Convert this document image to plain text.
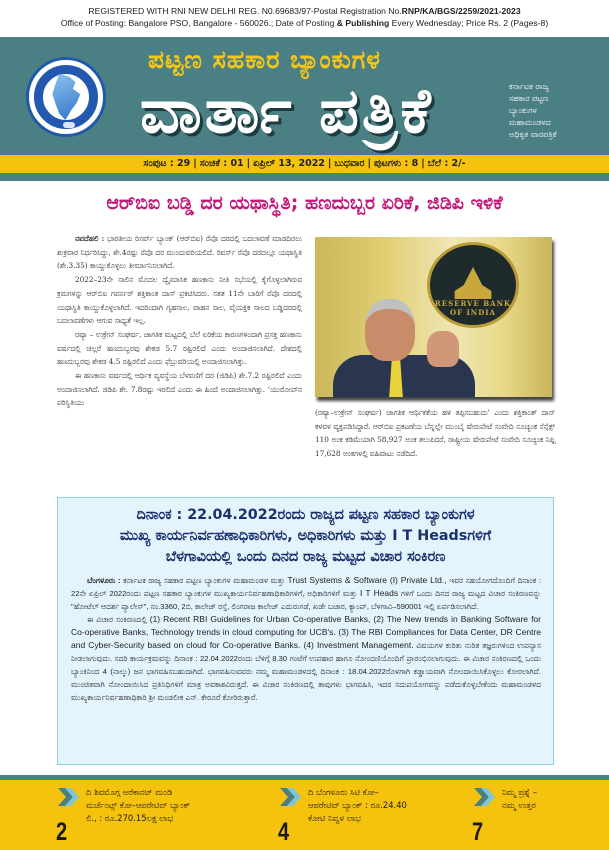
REGISTERED WITH RNI NEW DELHI REG. N0.69683/97-Postal Registration No.RNP/KA/BGS/2259/2021-2023
Office of Posting: Bangalore PSO, Bangalore - 560026.; Date of Posting & Publishing Every Wednesday; Price Rs. 2 (Pages-8)
ಪಟ್ಟಣ ಸಹಕಾರ ಬ್ಯಾಂಕುಗಳ
ವಾರ್ತಾ ಪತ್ರಿಕೆ	ಕರ್ನಾಟಕ ರಾಜ್ಯ
ಸಹಕಾರ ಪಟ್ಟಣ
ಬ್ಯಾಂಕುಗಳ
ಮಹಾಮಂಡಳದ
ಅಧಿಕೃತ ವಾರಪತ್ರಿಕೆ
ಸಂಪುಟ : 29 | ಸಂಚಿಕೆ : 01 | ಏಪ್ರಿಲ್ 13, 2022 | ಬುಧವಾರ | ಪುಟಗಳು : 8 | ಬೆಲೆ : 2/-
ಆರ್‌ಬಿಐ ಬಡ್ಡಿ ದರ ಯಥಾಸ್ಥಿತಿ; ಹಣದುಬ್ಬರ ಏರಿಕೆ, ಜಿಡಿಪಿ ಇಳಿಕೆ

ನವದೆಹಲಿ : ಭಾರತೀಯ ರಿಸರ್ವ್ ಬ್ಯಾಂಕ್ (ಆರ್‌ಬಿಐ) ರೆಪೊ ದರದಲ್ಲಿ ಬದಲಾವಣೆ ಮಾಡದಿರಲು ಶುಕ್ರವಾರ ನಿರ್ಧರಿಸಿದ್ದು, ಶೇ.4ರಷ್ಟು ರೆಪೊ ದರ ಮುಂದುವರಿಯಲಿದೆ. ರಿವರ್ಸ್ ರೆಪೊ ದರದಲ್ಲೂ ಯಥಾಸ್ಥಿತಿ (ಶೇ.3.35) ಕಾಯ್ದುಕೊಳ್ಳಲು ತೀರ್ಮಾನಿಸಲಾಗಿದೆ.

2022–23ನೇ ಸಾಲಿನ ಮೊದಲ ದ್ವೈಮಾಸಿಕ ಹಣಕಾಸು ನೀತಿ ಸಭೆಯಲ್ಲಿ ಕೈಗೊಳ್ಳಲಾಗಿರುವ ಕ್ರಮಗಳನ್ನು ಆರ್‌ಬಿಐ ಗವರ್ನರ್ ಶಕ್ತಿಕಾಂತ ದಾಸ್ ಪ್ರಕಟಿಸಿದರು. ಸತತ 11ನೇ ಬಾರಿಗೆ ರೆಪೊ ದರದಲ್ಲಿ ಯಥಾಸ್ಥಿತಿ ಕಾಯ್ದುಕೊಳ್ಳಲಾಗಿದೆ. ಇದರಿಂದಾಗಿ ಗೃಹಸಾಲ, ವಾಹನ ಸಾಲ, ವೈಯಕ್ತಿಕ ಸಾಲದ ಬಡ್ಡಿದರದಲ್ಲಿ ಬದಲಾವಣೆಗಳು ಆಗುವ ಸಾಧ್ಯತೆ ಇಲ್ಲ.

ರಷ್ಯಾ – ಉಕ್ರೇನ್ ಸಂಘರ್ಷ, ಜಾಗತಿಕ ಮಟ್ಟದಲ್ಲಿ ಬೆಲೆ ಏರಿಕೆಯ ಕಾರಣಗಳಿಂದಾಗಿ ಪ್ರಸಕ್ತ ಹಣಕಾಸು ವರ್ಷದಲ್ಲಿ ಚಿಲ್ಲರೆ ಹಣದುಬ್ಬರವು ಶೇಕಡ 5.7 ರಷ್ಟಿರಲಿದೆ ಎಂದು ಅಂದಾಜಿಸಲಾಗಿದೆ. ದೇಶದಲ್ಲಿ ಹಣದುಬ್ಬರವು ಶೇಕಡ 4.5 ರಷ್ಟಿರಲಿದೆ ಎಂದು ಫೆಬ್ರುವರಿಯಲ್ಲಿ ಅಂದಾಜಿಸಲಾಗಿತ್ತು.

ಈ ಹಣಕಾಸು ವರ್ಷದಲ್ಲಿ ಆರ್ಥಿಕ ವ್ಯವಸ್ಥೆಯ ಬೆಳವಣಿಗೆ ದರ (ಜಿಡಿಪಿ) ಶೇ.7.2 ರಷ್ಟಿರಲಿದೆ ಎಂದು ಅಂದಾಜಿಸಲಾಗಿದೆ. ಜಿಡಿಪಿ ಶೇ. 7.8ರಷ್ಟು ಇರಲಿದೆ ಎಂದು ಈ ಹಿಂದೆ ಅಂದಾಜಿಸಲಾಗಿತ್ತು. 'ಯುರೋಪ್‌ನ ಪರಿಸ್ಥಿತಿಯು

RESERVE BANK OF INDIA
(ರಷ್ಯಾ–ಉಕ್ರೇನ್ ಸಂಘರ್ಷ) ಜಾಗತಿಕ ಆರ್ಥಿಕತೆಯ ಹಳಿ ತಪ್ಪಿಸಬಹುದು' ಎಂದು ಶಕ್ತಿಕಾಂತ್ ದಾಸ್ ಕಳವಳ ವ್ಯಕ್ತಪಡಿಸಿದ್ದಾರೆ. ಆರ್‌ಬಿಐ ಪ್ರಕಟಣೆಯ ಬೆನ್ನಲ್ಲೇ ಮುಂಬೈ ಷೇರುಪೇಟೆ ಸಂವೇದಿ ಸೂಚ್ಯಂಕ ಸೆನ್ಸೆಕ್ಸ್ 110 ಅಂಕ ಕಡಿಮೆಯಾಗಿ 58,927 ಅಂಕ ತಲುಪಿದರೆ, ರಾಷ್ಟ್ರೀಯ ಷೇರುಪೇಟೆ ಸಂವೇದಿ ಸೂಚ್ಯಂಕ ನಿಫ್ಟಿ 17,628 ಅಂಕಗಳಲ್ಲಿ ವಹಿವಾಟು ನಡೆದಿದೆ.
ದಿನಾಂಕ : 22.04.2022ರಂದು ರಾಜ್ಯದ ಪಟ್ಟಣ ಸಹಕಾರ ಬ್ಯಾಂಕುಗಳ
ಮುಖ್ಯ ಕಾರ್ಯನಿರ್ವಹಣಾಧಿಕಾರಿಗಳು, ಅಧಿಕಾರಿಗಳು ಮತ್ತು I T Headsಗಳಿಗೆ
ಬೆಳಗಾವಿಯಲ್ಲಿ ಒಂದು ದಿನದ ರಾಜ್ಯ ಮಟ್ಟದ ವಿಚಾರ ಸಂಕಿರಣ

ಬೆಂಗಳೂರು : ಕರ್ನಾಟಕ ರಾಜ್ಯ ಸಹಕಾರ ಪಟ್ಟಣ ಬ್ಯಾಂಕುಗಳ ಮಹಾಮಂಡಳ ಮತ್ತು Trust Systems & Software (I) Private Ltd., ಇವರ ಸಹಯೋಗದೊಂದಿಗೆ ದಿನಾಂಕ : 22ನೇ ಏಪ್ರಿಲ್ 2022ರಂದು ಪಟ್ಟಣ ಸಹಕಾರ ಬ್ಯಾಂಕುಗಳ ಮುಖ್ಯಕಾರ್ಯನಿರ್ವಹಣಾಧಿಕಾರಿಗಳಿಗೆ, ಅಧಿಕಾರಿಗಳಿಗೆ ಮತ್ತು I T Heads ಗಳಿಗೆ ಒಂದು ದಿನದ ರಾಜ್ಯ ಮಟ್ಟದ ವಿಚಾರ ಸಂಕಿರಣವನ್ನು "ಹೋಟೆಲ್ ಆದರ್ಶ ಪ್ಯಾಲೇಸ್", ನಂ.3360, 2ಬಿ, ಕಾಲೇಜ್ ರಸ್ತೆ, ಲಿಂಗರಾಜ ಕಾಲೇಜ್ ಎದುರುಗಡೆ, ಖಡೇ ಬಜಾರ, ಕ್ಯಾಂಪ್, ಬೆಳಗಾವಿ–590001 ಇಲ್ಲಿ ಏರ್ಪಡಿಸಲಾಗಿದೆ.

ಈ ವಿಚಾರ ಸಂಕಿರಣದಲ್ಲಿ (1) Recent RBI Guidelines for Urban Co-operative Banks, (2) The New trends in Banking Software for Co-operative Banks, Technology trends in cloud computing for UCB's. (3) The RBI Compliances for Data Center, DR Centre and Cyber-Security based on cloud for Co-operative Banks. (4) Investment Management. ವಿಷಯಗಳ ಕುರಿತು ನುರಿತ ತಜ್ಞರುಗಳಿಂದ ಉಪನ್ಯಾಸ ನೀಡಲಾಗುವುದು. ಸದರಿ ಕಾರ್ಯಕ್ರಮವನ್ನು ದಿನಾಂಕ : 22.04.2022ರಂದು ಬೆಳಿಗ್ಗೆ 8.30 ಗಂಟೆಗೆ ಉಪಹಾರ ಹಾಗೂ ನೋಂದಣಿಯೊಂದಿಗೆ ಪ್ರಾರಂಭಿಸಲಾಗುವುದು. ಈ ವಿಚಾರ ಸಂಕಿರಣದಲ್ಲಿ ಒಂದು ಬ್ಯಾಂಕಿನಿಂದ 4 (ನಾಲ್ಕು) ಜನ ಭಾಗವಹಿಸಬಹುದಾಗಿದೆ. ಭಾಗವಹಿಸುವವರು ನಮ್ಮ ಮಹಾಮಂಡಳದಲ್ಲಿ ದಿನಾಂಕ : 18.04.2022ರೊಳಗಾಗಿ ಕಡ್ಡಾಯವಾಗಿ ನೋಂದಾಯಿಸಿಕೊಳ್ಳಲು ಕೋರಲಾಗಿದೆ. ಮುಂಚಿತವಾಗಿ ನೋಂದಾಯಿಸಿದ ಪ್ರತಿನಿಧಿಗಳಿಗೆ ಮಾತ್ರ ಅವಕಾಶವಿರುತ್ತದೆ. ಈ ವಿಚಾರ ಸಂಕಿರಣದಲ್ಲಿ ತಾವುಗಳು ಭಾಗವಹಿಸಿ, ಇದರ ಸದುಪಯೋಗವನ್ನು ಪಡೆದುಕೊಳ್ಳಬೇಕೆಂದು ಮಹಾಮಂಡಳದ ಮುಖ್ಯಕಾರ್ಯನಿರ್ವಹಣಾಧಿಕಾರಿ ಶ್ರೀ ಮಂಡಲೀಕ ಎನ್. ಕೇರೂರೆ ಕೋರಿರುತ್ತಾರೆ.

2
ದಿ ಶಿವಮೊಗ್ಗ ಅರೆಕಾನಟ್ ಮಂಡಿ
ಮರ್ಚೆಂಟ್ಸ್ ಕೋ–ಆಪರೇಟಿವ್ ಬ್ಯಾಂಕ್
ಲಿ., : ರೂ.270.15ಲಕ್ಷ ಲಾಭ	4
ದಿ ಬೆಂಗಳೂರು ಸಿಟಿ ಕೋ–
ಆಪರೇಟಿವ್ ಬ್ಯಾಂಕ್ : ರೂ.24.40
ಕೋಟಿ ನಿವ್ವಳ ಲಾಭ	7
ನಿಮ್ಮ ಪ್ರಶ್ನೆ –
ನಮ್ಮ ಉತ್ತರ
